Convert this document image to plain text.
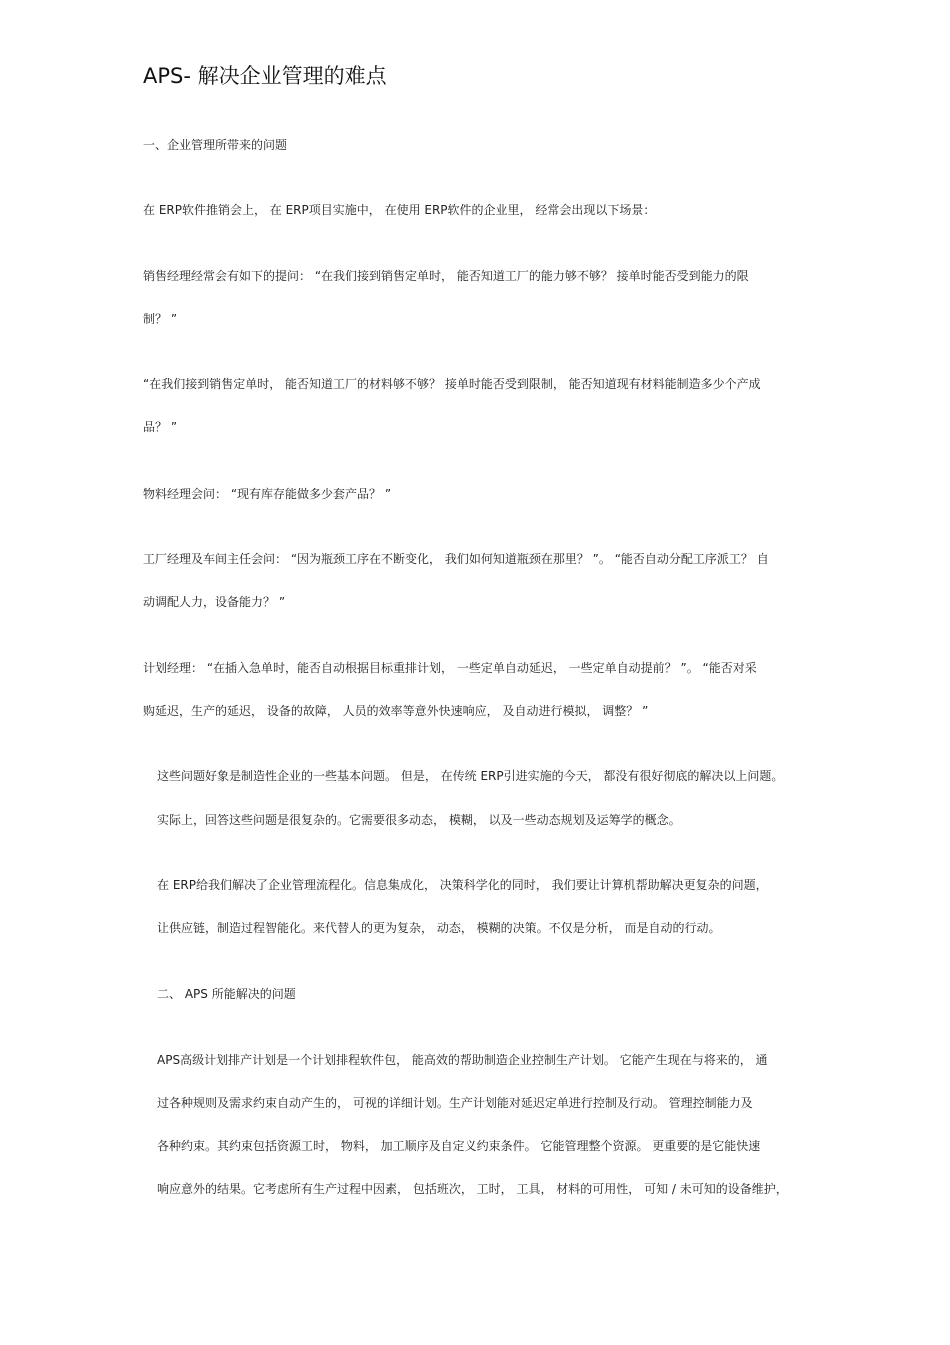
APS- 解决企业管理的难点
一、企业管理所带来的问题
在 ERP软件推销会上， 在 ERP项目实施中， 在使用 ERP软件的企业里， 经常会出现以下场景：
销售经理经常会有如下的提问： “在我们接到销售定单时， 能否知道工厂的能力够不够？ 接单时能否受到能力的限
制？ ”
“在我们接到销售定单时， 能否知道工厂的材料够不够？ 接单时能否受到限制， 能否知道现有材料能制造多少个产成
品？ ”
物料经理会问： “现有库存能做多少套产品？ ”
工厂经理及车间主任会问： “因为瓶颈工序在不断变化， 我们如何知道瓶颈在那里？ ”。 “能否自动分配工序派工？ 自
动调配人力，设备能力？ ”
计划经理： “在插入急单时，能否自动根据目标重排计划， 一些定单自动延迟， 一些定单自动提前？ ”。 “能否对采
购延迟，生产的延迟， 设备的故障， 人员的效率等意外快速响应， 及自动进行模拟， 调整？ ”
这些问题好象是制造性企业的一些基本问题。 但是， 在传统 ERP引进实施的今天， 都没有很好彻底的解决以上问题。
实际上，回答这些问题是很复杂的。它需要很多动态， 模糊， 以及一些动态规划及运筹学的概念。
在 ERP给我们解决了企业管理流程化。信息集成化， 决策科学化的同时， 我们要让计算机帮助解决更复杂的问题，
让供应链，制造过程智能化。来代替人的更为复杂， 动态， 模糊的决策。不仅是分析， 而是自动的行动。
二、 APS 所能解决的问题
APS高级计划排产计划是一个计划排程软件包， 能高效的帮助制造企业控制生产计划。 它能产生现在与将来的， 通
过各种规则及需求约束自动产生的， 可视的详细计划。生产计划能对延迟定单进行控制及行动。 管理控制能力及
各种约束。其约束包括资源工时， 物料， 加工顺序及自定义约束条件。 它能管理整个资源。 更重要的是它能快速
响应意外的结果。它考虑所有生产过程中因素， 包括班次， 工时， 工具， 材料的可用性， 可知 / 未可知的设备维护，
